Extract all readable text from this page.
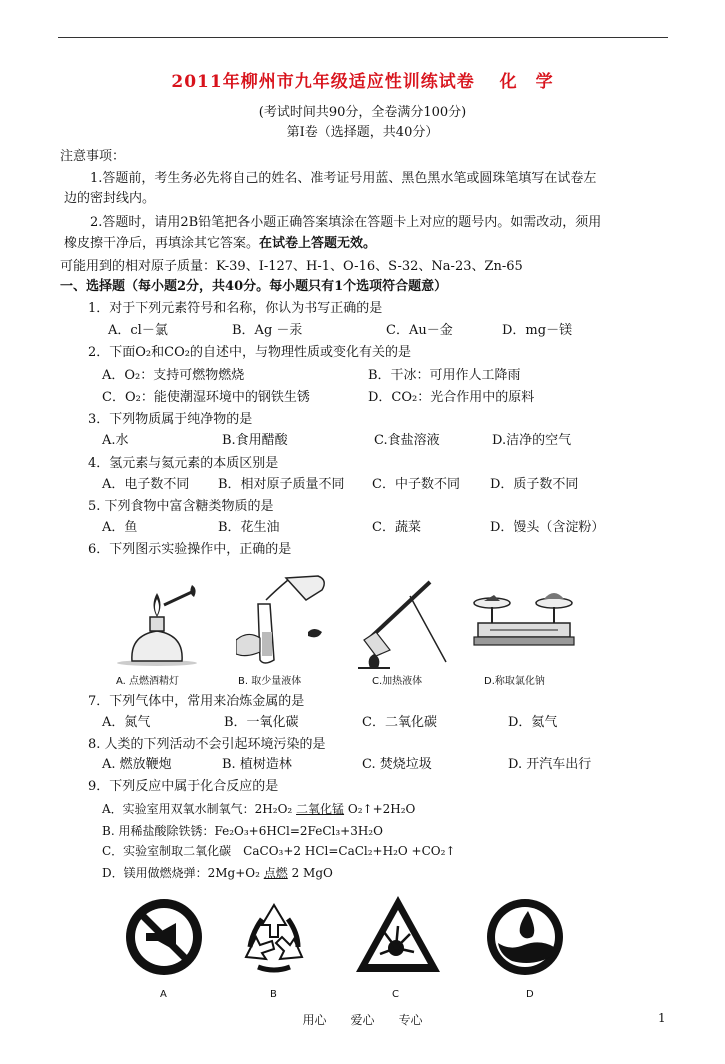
2011年柳州市九年级适应性训练试卷　 化　学
(考试时间共90分，全卷满分100分)
第Ⅰ卷（选择题，共40分）
注意事项：
1.答题前，考生务必先将自己的姓名、准考证号用蓝、黑色黑水笔或圆珠笔填写在试卷左
边的密封线内。
2.答题时，请用2B铅笔把各小题正确答案填涂在答题卡上对应的题号内。如需改动，须用
橡皮擦干净后，再填涂其它答案。在试卷上答题无效。
可能用到的相对原子质量：K-39、I-127、H-1、O-16、S-32、Na-23、Zn-65
一、选择题（每小题2分，共40分。每小题只有1个选项符合题意）
1．对于下列元素符号和名称，你认为书写正确的是
A．cl－氯	B．Ag －汞	C．Au－金	D．mg－镁
2．下面O₂和CO₂的自述中，与物理性质或变化有关的是
A．O₂：支持可燃物燃烧	B．干冰：可用作人工降雨
C．O₂：能使潮湿环境中的钢铁生锈	D．CO₂：光合作用中的原料
3．下列物质属于纯净物的是
A.水	B.食用醋酸	C.食盐溶液	D.洁净的空气
4．氢元素与氦元素的本质区别是
A．电子数不同 B．相对原子质量不同 C．中子数不同 D．质子数不同
5. 下列食物中富含糖类物质的是
A．鱼	B．花生油	C．蔬菜	D．馒头（含淀粉）
6．下列图示实验操作中，正确的是
A. 点燃酒精灯	B. 取少量液体	C.加热液体	D.称取氯化钠
7．下列气体中，常用来冶炼金属的是
A．氮气	B．一氧化碳	C．二氧化碳	D．氦气
8. 人类的下列活动不会引起环境污染的是
A. 燃放鞭炮	B. 植树造林	C. 焚烧垃圾	D. 开汽车出行
9．下列反应中属于化合反应的是
A．实验室用双氧水制氧气：2H₂O₂ 二氧化锰 O₂↑+2H₂O
B. 用稀盐酸除铁锈：Fe₂O₃+6HCl=2FeCl₃+3H₂O
C．实验室制取二氧化碳　CaCO₃+2 HCl=CaCl₂+H₂O +CO₂↑
D．镁用做燃烧弹：2Mg+O₂ 点燃 2 MgO
A	B	C	D
用心　　爱心　　专心	1
